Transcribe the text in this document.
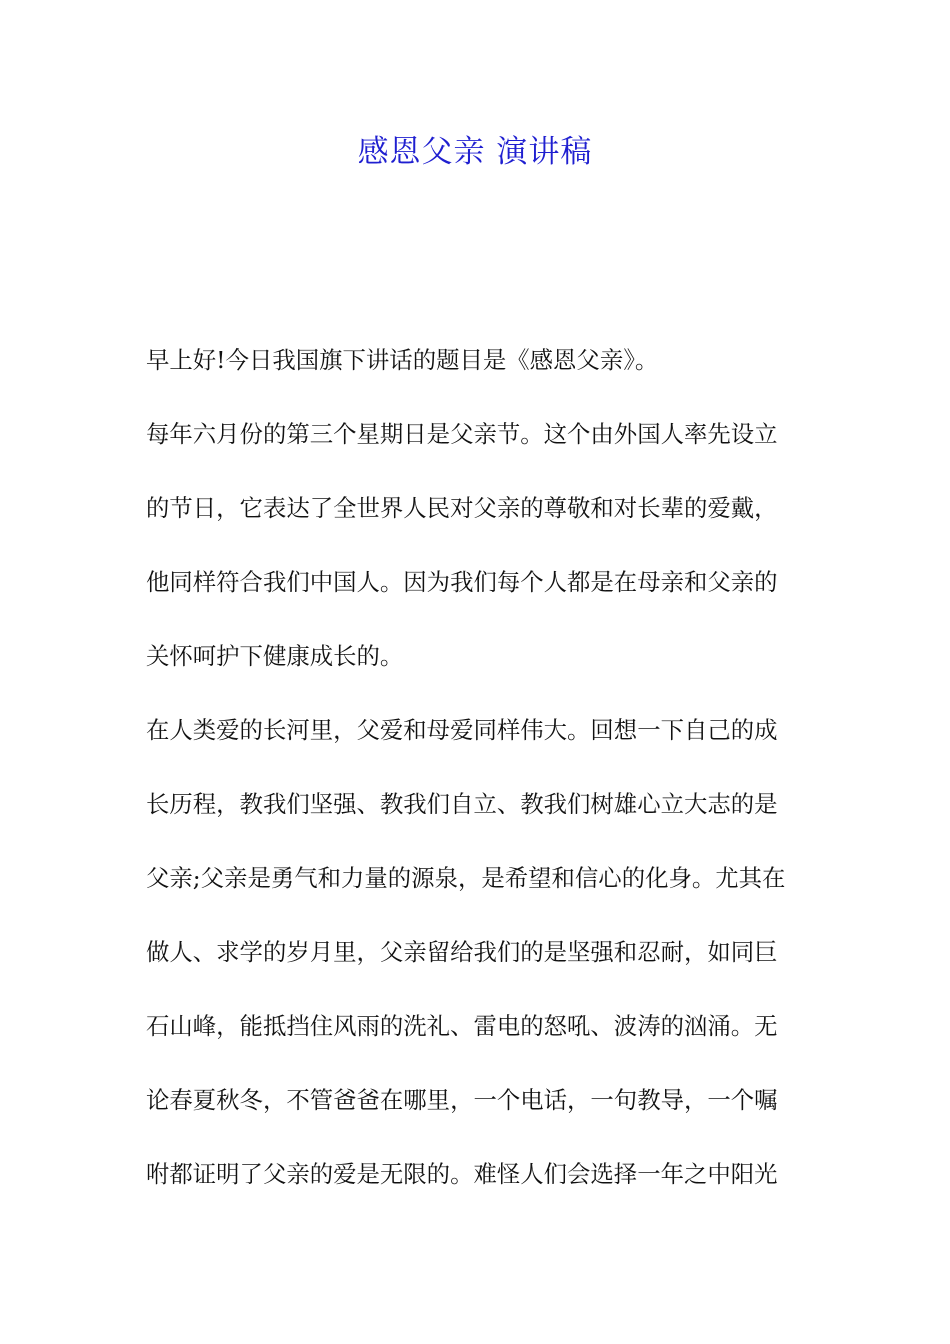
感恩父亲 演讲稿

早上好!今日我国旗下讲话的题目是《感恩父亲》。

每年六月份的第三个星期日是父亲节。这个由外国人率先设立

的节日，它表达了全世界人民对父亲的尊敬和对长辈的爱戴，

他同样符合我们中国人。因为我们每个人都是在母亲和父亲的

关怀呵护下健康成长的。

在人类爱的长河里，父爱和母爱同样伟大。回想一下自己的成

长历程，教我们坚强、教我们自立、教我们树雄心立大志的是

父亲;父亲是勇气和力量的源泉，是希望和信心的化身。尤其在

做人、求学的岁月里，父亲留给我们的是坚强和忍耐，如同巨

石山峰，能抵挡住风雨的洗礼、雷电的怒吼、波涛的汹涌。无

论春夏秋冬，不管爸爸在哪里，一个电话，一句教导，一个嘱

咐都证明了父亲的爱是无限的。难怪人们会选择一年之中阳光
